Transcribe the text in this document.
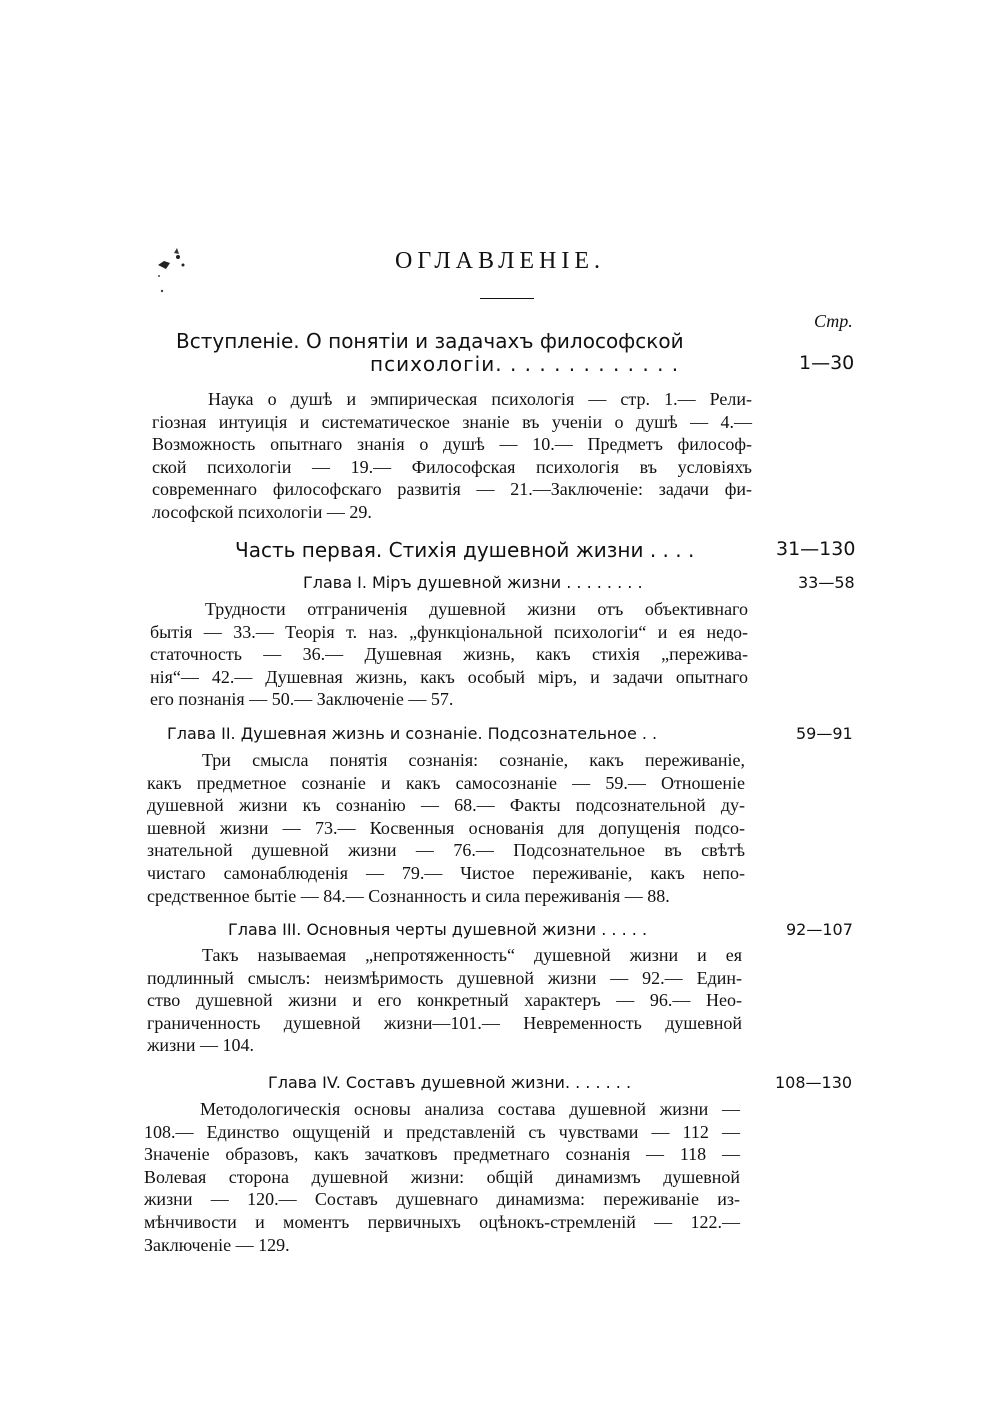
ОГЛАВЛЕНІЕ.
Стр.
Вступленіе. О понятіи и задачахъ философской
психологіи. . . . . . . . . . . . .	1—30
Наука о душѣ и эмпирическая психологія — стр. 1.— Рели-
гіозная интуиція и систематическое знаніе въ ученіи о душѣ — 4.—
Возможность опытнаго знанія о душѣ — 10.— Предметъ философ-
ской психологіи — 19.— Философская психологія въ условіяхъ
современнаго философскаго развитія — 21.—Заключеніе: задачи фи-
лософской психологіи — 29.
Часть первая. Стихія душевной жизни . . . .	31—130
Глава I. Міръ душевной жизни . . . . . . . .	33—58
Трудности отграниченія душевной жизни отъ объективнаго
бытія — 33.— Теорія т. наз. „функціональной психологіи“ и ея недо-
статочность — 36.— Душевная жизнь, какъ стихія „пережива-
нія“— 42.— Душевная жизнь, какъ особый міръ, и задачи опытнаго
его познанія — 50.— Заключеніе — 57.
Глава II. Душевная жизнь и сознаніе. Подсознательное . .	59—91
Три смысла понятія сознанія: сознаніе, какъ переживаніе,
какъ предметное сознаніе и какъ самосознаніе — 59.— Отношеніе
душевной жизни къ сознанію — 68.— Факты подсознательной ду-
шевной жизни — 73.— Косвенныя основанія для допущенія подсо-
знательной душевной жизни — 76.— Подсознательное въ свѣтѣ
чистаго самонаблюденія — 79.— Чистое переживаніе, какъ непо-
средственное бытіе — 84.— Сознанность и сила переживанія — 88.
Глава III. Основныя черты душевной жизни . . . . .	92—107
Такъ называемая „непротяженность“ душевной жизни и ея
подлинный смыслъ: неизмѣримость душевной жизни — 92.— Един-
ство душевной жизни и его конкретный характеръ — 96.— Нео-
граниченность душевной жизни—101.— Невременность душевной
жизни — 104.
Глава IV. Составъ душевной жизни. . . . . . .	108—130
Методологическія основы анализа состава душевной жизни —
108.— Единство ощущеній и представленій съ чувствами — 112 —
Значеніе образовъ, какъ зачатковъ предметнаго сознанія — 118 —
Волевая сторона душевной жизни: общій динамизмъ душевной
жизни — 120.— Составъ душевнаго динамизма: переживаніе из-
мѣнчивости и моментъ первичныхъ оцѣнокъ-стремленій — 122.—
Заключеніе — 129.
